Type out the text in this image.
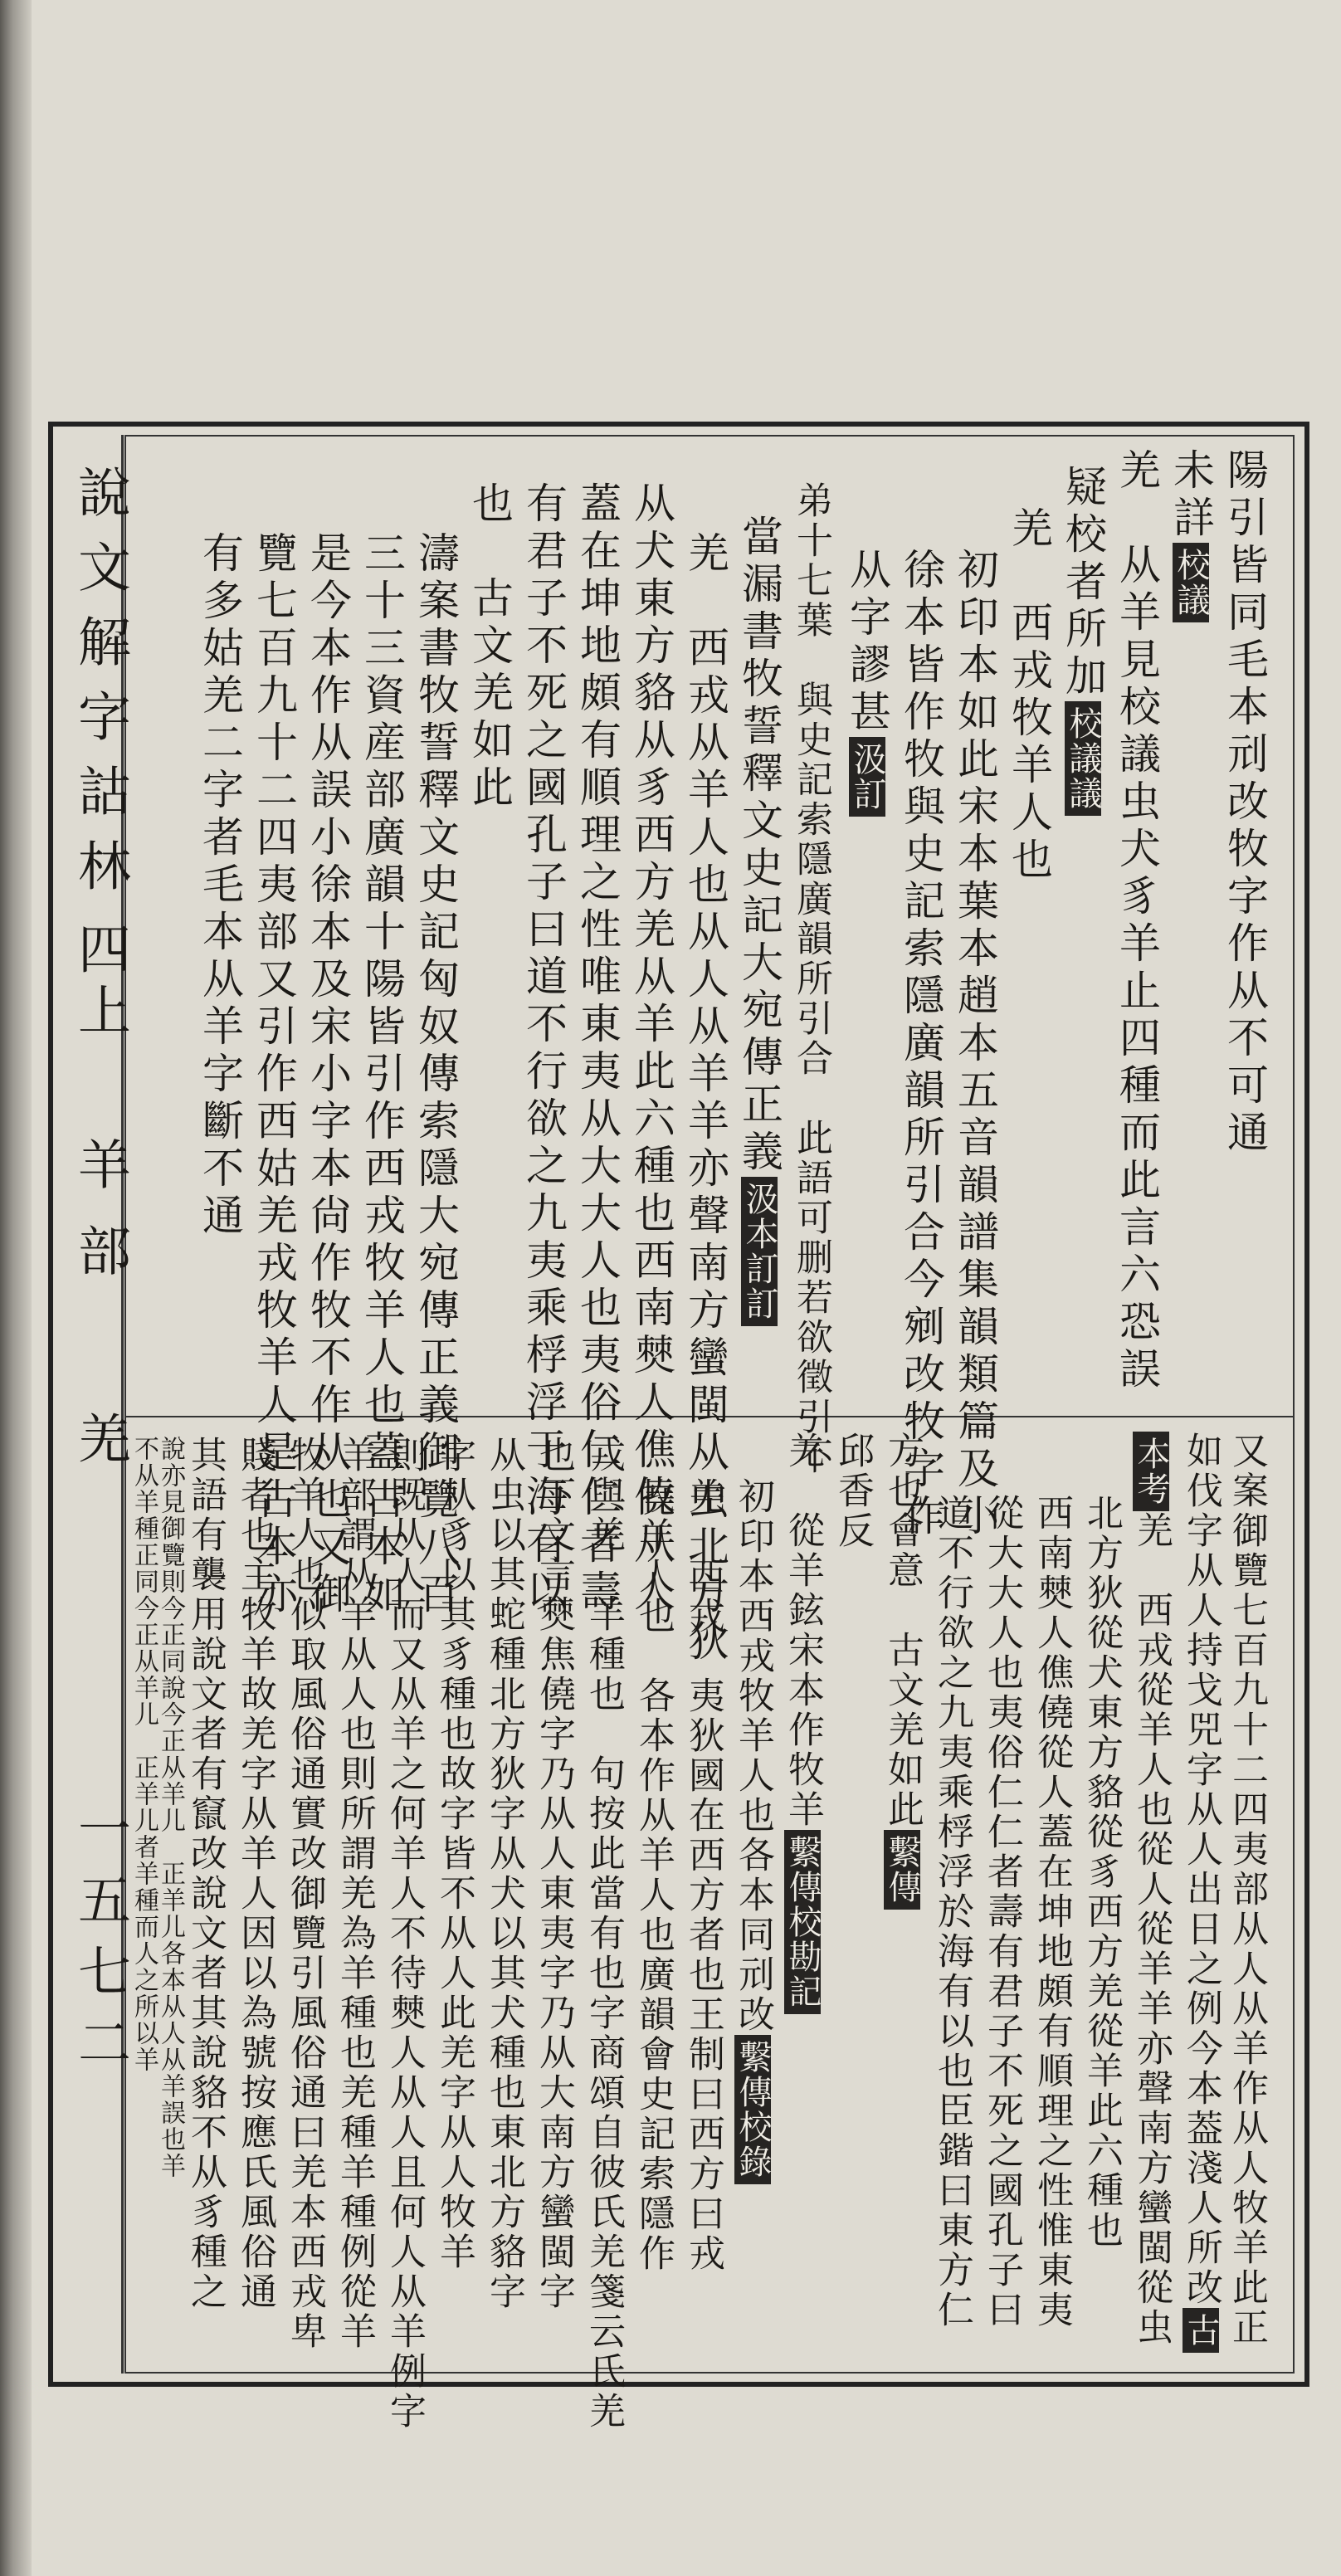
說文解字詁林
四上
羊部
羌
一五七二
陽引皆同毛本刓改牧字作从不可通
未詳校議
羌　从羊見校議虫犬豸羊止四種而此言六恐誤
疑校者所加校議議
羌　西戎牧羊人也
初印本如此宋本葉本趙本五音韻譜集韻類篇及小
徐本皆作牧與史記索隱廣韻所引合今剜改牧字作
从字謬甚汲訂
弟十七葉　與史記索隱廣韻所引合　此語可删若欲徵引不
當漏書牧誓釋文史記大宛傳正義汲本訂訂
羌　西戎从羊人也从人从羊羊亦聲南方蠻閩从虫北方狄
从犬東方貉从豸西方羌从羊此六種也西南僰人僬僥从人
蓋在坤地頗有順理之性唯東夷从大大人也夷俗仁仁者壽
有君子不死之國孔子曰道不行欲之九夷乘桴浮于海有以
也　古文羌如此
濤案書牧誓釋文史記匈奴傳索隱大宛傳正義御覽八百
三十三資産部廣韻十陽皆引作西戎牧羊人也蓋古本如
是今本作从誤小徐本及宋小字本尙作牧不作从也又御
覽七百九十二四夷部又引作西姑羌戎牧羊人是古本亦
有多姑羌二字者毛本从羊字斷不通
又案御覽七百九十二四夷部从人从羊作从人牧羊此正
如伐字从人持戈兕字从人出日之例今本葢淺人所改古
本考羌　西戎從羊人也從人從羊羊亦聲南方蠻閩從虫
北方狄從犬東方貉從豸西方羌從羊此六種也
西南僰人僬僥從人蓋在坤地頗有順理之性惟東夷
從大大人也夷俗仁仁者壽有君子不死之國孔子曰
道不行欲之九夷乘桴浮於海有以也臣鍇曰東方仁
方也會意　古文羌如此繫傳
邱香反
羌　從羊鉉宋本作牧羊繫傳校勘記
初印本西戎牧羊人也各本同刓改繫傳校錄
羌　西戎　夷狄國在西方者也王制曰西方曰戎
牧羊人也　各本作从羊人也廣韻會史記索隱作
戎與羌　羊種也　句按此當有也字商頌自彼氏羌箋云氏羌
也下文言僰焦僥字乃从人東夷字乃从大南方蠻閩字
从虫以其蛇種北方狄字从犬以其犬種也東北方貉字
字从豸以其豸種也故字皆不从人此羌字从人牧羊
則既从人而又从羊之何羊人不待僰人从人且何人从羊例字
羊部謂从羊从人也則所謂羌為羊種也羌種羊種例從羊
牧羊人也似取風俗通實改御覽引風俗通曰羌本西戎卑
賤者也主牧羊故羌字从羊人因以為號按應氏風俗通
其語有襲用說文者有竄改說文者其說貉不从豸種之
說亦見御覽則今正同說今正从羊儿　正羊儿各本从人从羊誤也羊
不从羊種正同今正从羊儿　正羊儿者羊種而人之所以羊
